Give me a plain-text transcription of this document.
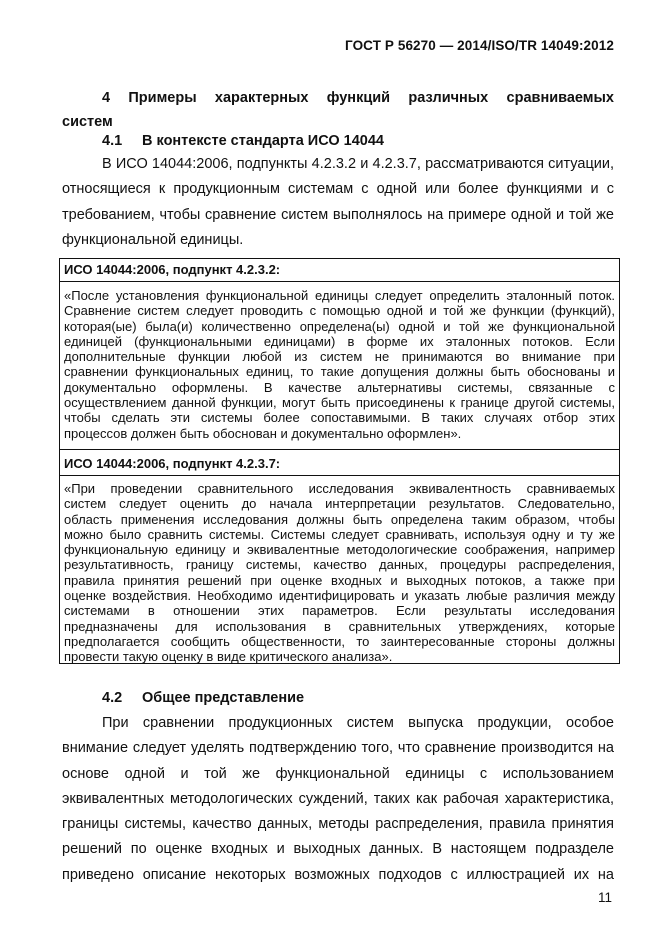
ГОСТ Р 56270 — 2014/ISO/TR 14049:2012
4 Примеры характерных функций различных сравниваемых
систем
4.1 В контексте стандарта ИСО 14044
В ИСО 14044:2006, подпункты 4.2.3.2 и 4.2.3.7, рассматриваются ситуации,
относящиеся к продукционным системам с одной или более функциями и с
требованием, чтобы сравнение систем выполнялось на примере одной и той же
функциональной единицы.
ИСО 14044:2006, подпункт 4.2.3.2:
«После установления функциональной единицы следует определить эталонный поток.
Сравнение систем следует проводить с помощью одной и той же функции (функций),
которая(ые) была(и) количественно определена(ы) одной и той же функциональной
единицей (функциональными единицами) в форме их эталонных потоков. Если
дополнительные функции любой из систем не принимаются во внимание при
сравнении функциональных единиц, то такие допущения должны быть обоснованы и
документально оформлены. В качестве альтернативы системы, связанные с
осуществлением данной функции, могут быть присоединены к границе другой системы,
чтобы сделать эти системы более сопоставимыми. В таких случаях отбор этих
процессов должен быть обоснован и документально оформлен».
ИСО 14044:2006, подпункт 4.2.3.7:
«При проведении сравнительного исследования эквивалентность сравниваемых
систем следует оценить до начала интерпретации результатов. Следовательно,
область применения исследования должны быть определена таким образом, чтобы
можно было сравнить системы. Системы следует сравнивать, используя одну и ту же
функциональную единицу и эквивалентные методологические соображения, например
результативность, границу системы, качество данных, процедуры распределения,
правила принятия решений при оценке входных и выходных потоков, а также при
оценке воздействия. Необходимо идентифицировать и указать любые различия между
системами в отношении этих параметров. Если результаты исследования
предназначены для использования в сравнительных утверждениях, которые
предполагается сообщить общественности, то заинтересованные стороны должны
провести такую оценку в виде критического анализа».
4.2 Общее представление
При сравнении продукционных систем выпуска продукции, особое
внимание следует уделять подтверждению того, что сравнение производится на
основе одной и той же функциональной единицы с использованием
эквивалентных методологических суждений, таких как рабочая характеристика,
границы системы, качество данных, методы распределения, правила принятия
решений по оценке входных и выходных данных. В настоящем подразделе
приведено описание некоторых возможных подходов с иллюстрацией их на
11
